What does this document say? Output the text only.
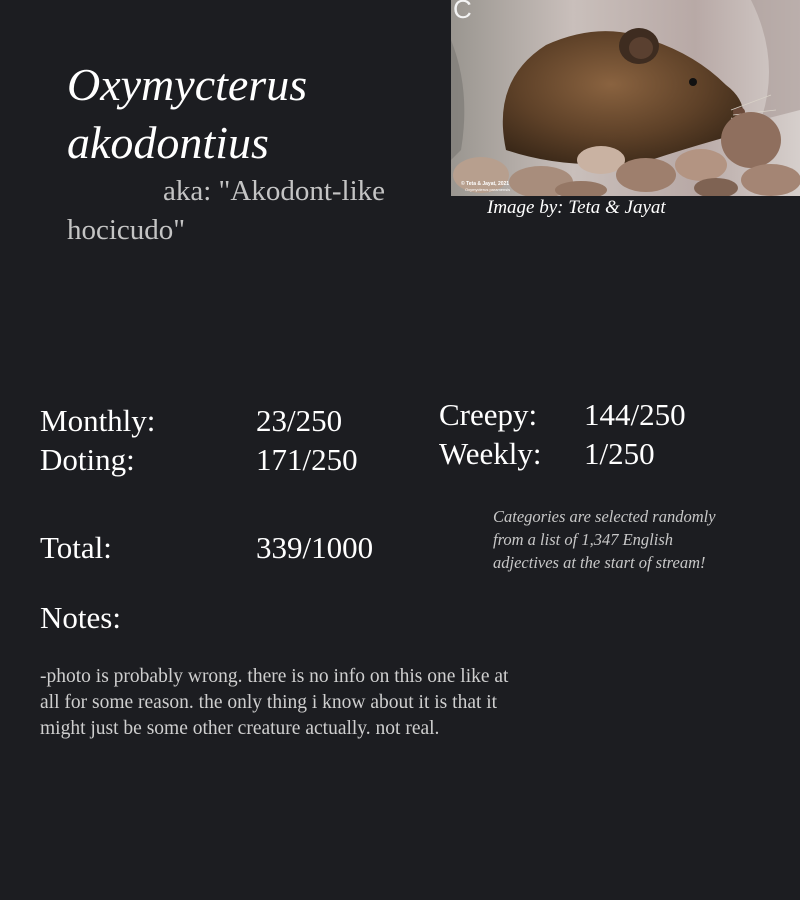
Oxymycterus akodontius
aka: "Akodont-like hocicudo"
C
© Teta & Jayat, 2021
Oxymycterus paramensis
Image by: Teta & Jayat
Monthly:	23/250
Doting:	171/250
Creepy: 144/250
Weekly: 1/250
Total:	339/1000
Categories are selected randomly from a list of 1,347 English adjectives at the start of stream!
Notes:
-photo is probably wrong. there is no info on this one like at all for some reason. the only thing i know about it is that it might just be some other creature actually. not real.
